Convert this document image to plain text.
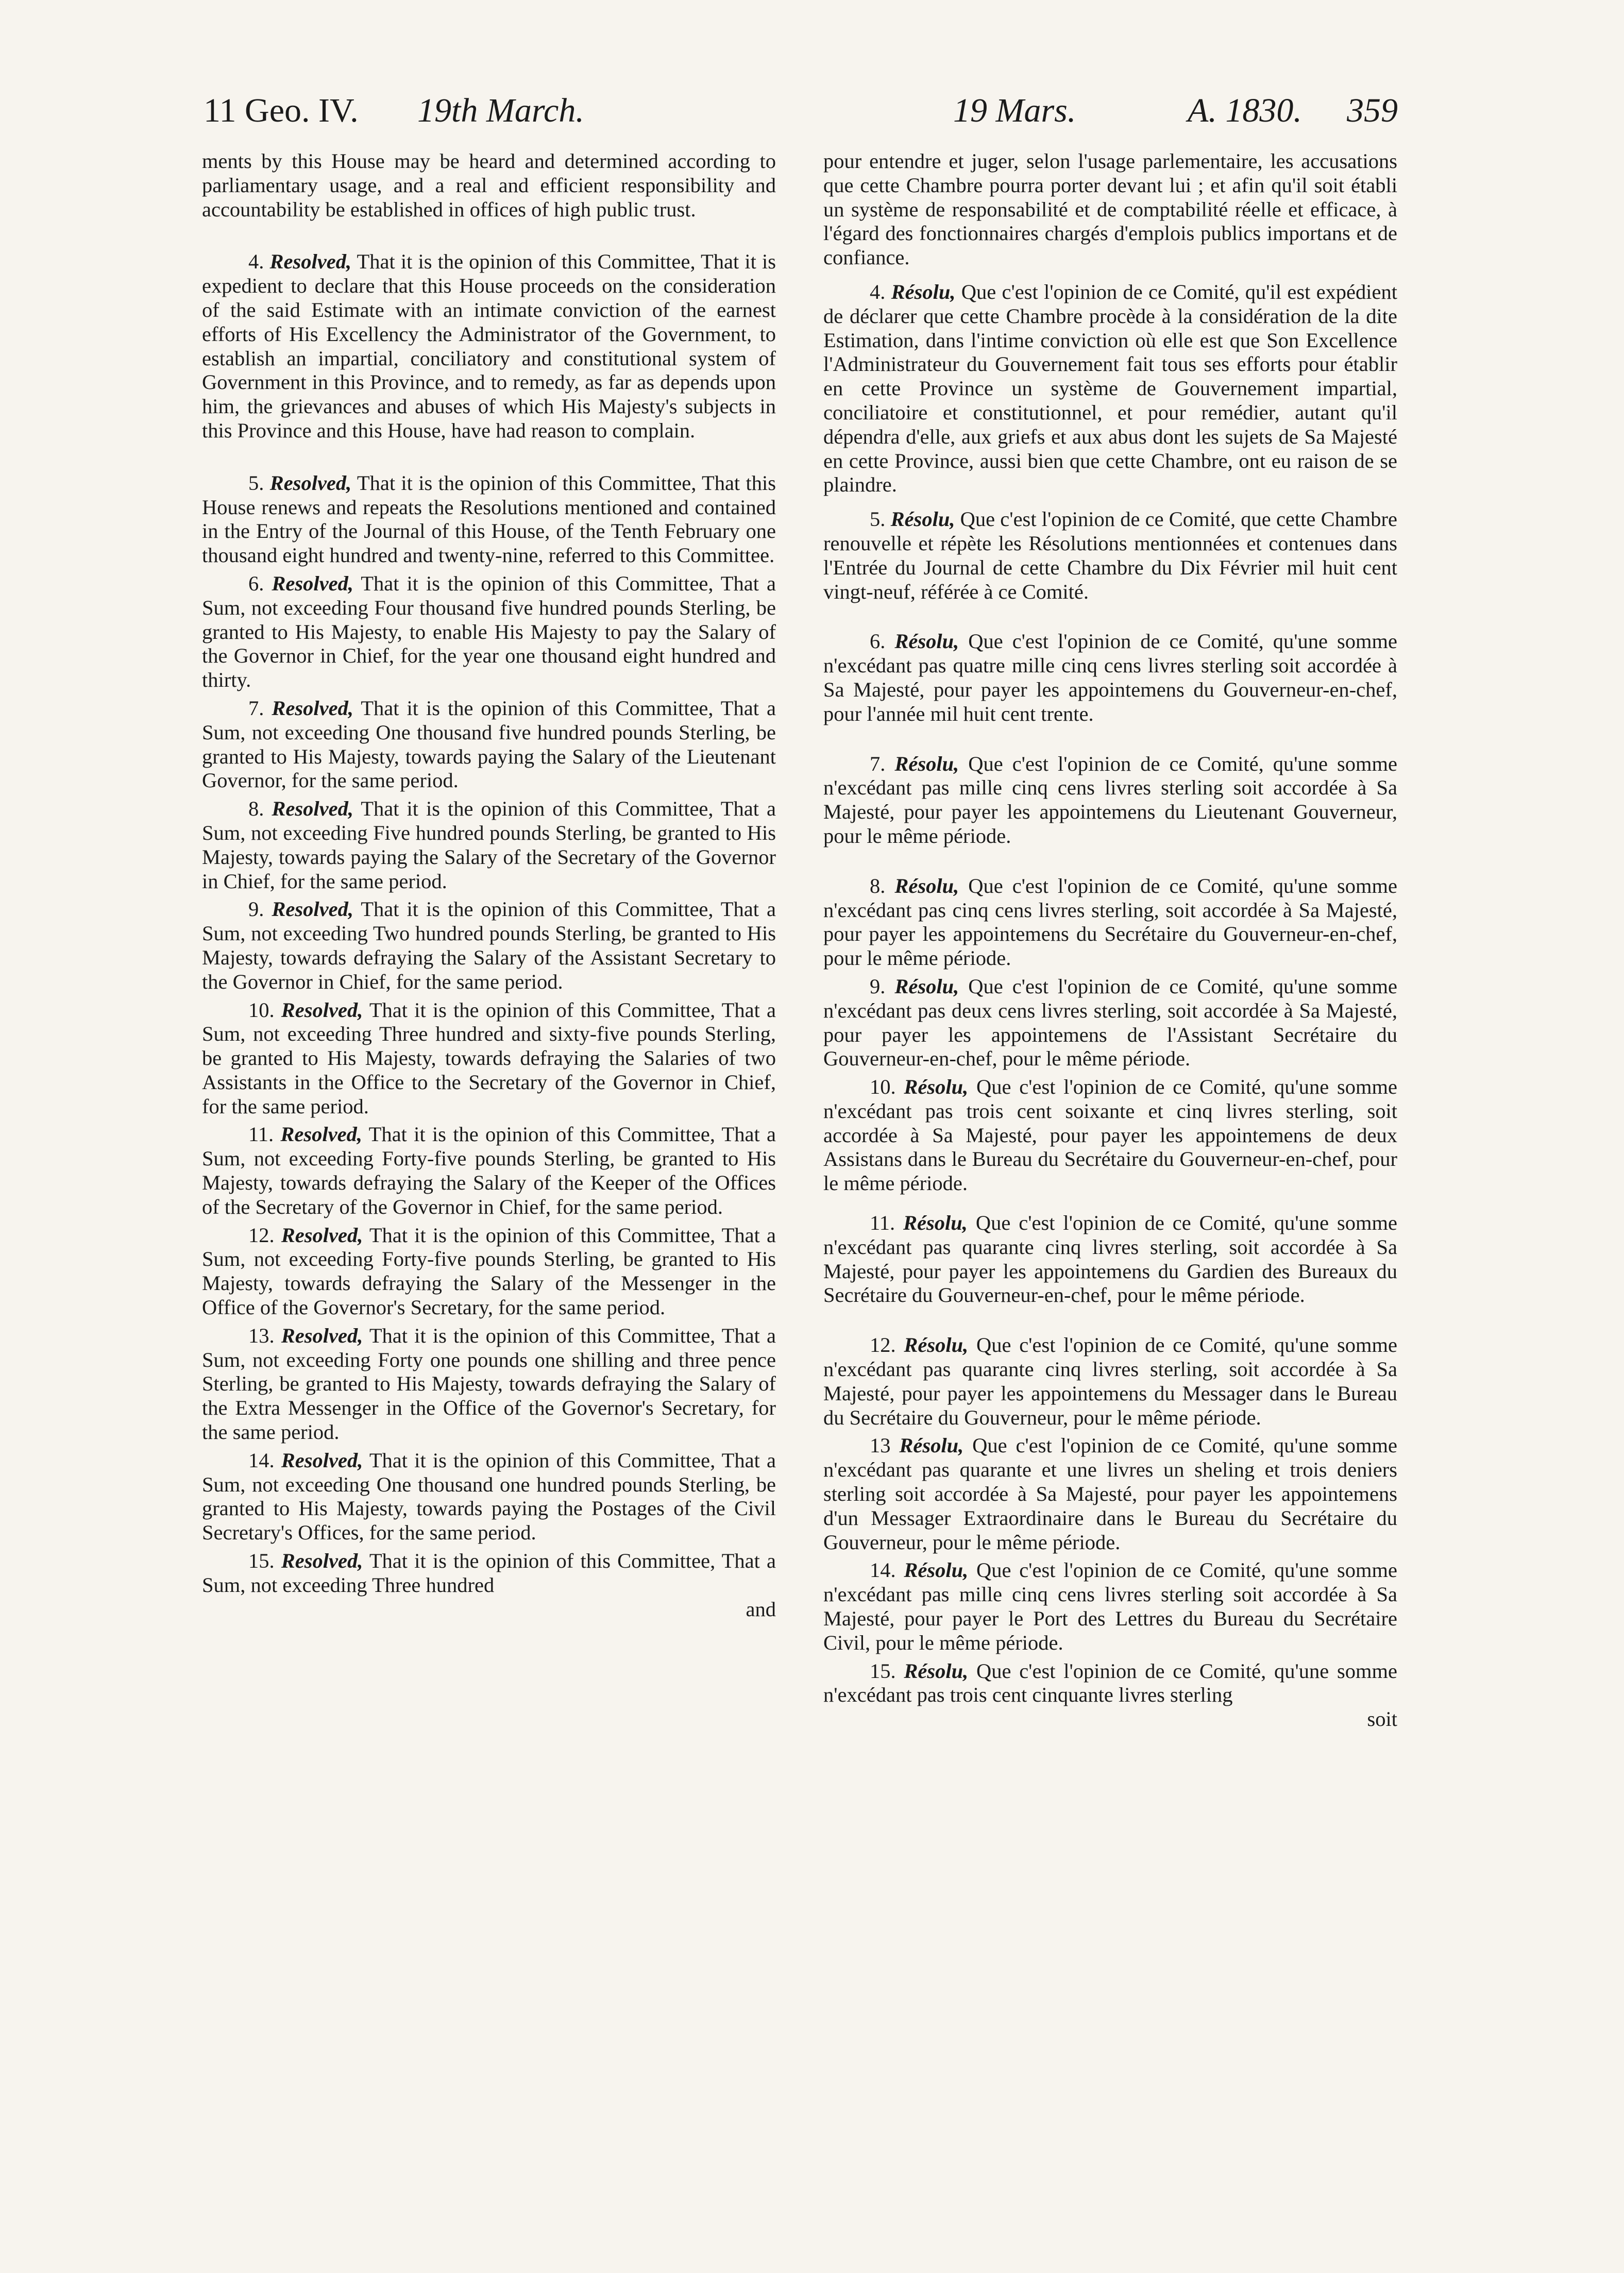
11 Geo. IV. 19th March.	19 Mars.	A. 1830. 359

ments by this House may be heard and determined according to parliamentary usage, and a real and efficient responsibility and accountability be established in offices of high public trust.

4. Resolved, That it is the opinion of this Committee, That it is expedient to declare that this House proceeds on the consideration of the said Estimate with an intimate conviction of the earnest efforts of His Excellency the Administrator of the Government, to establish an impartial, conciliatory and constitutional system of Government in this Province, and to remedy, as far as depends upon him, the grievances and abuses of which His Majesty's subjects in this Province and this House, have had reason to complain.

5. Resolved, That it is the opinion of this Committee, That this House renews and repeats the Resolutions mentioned and contained in the Entry of the Journal of this House, of the Tenth February one thousand eight hundred and twenty-nine, referred to this Committee.

6. Resolved, That it is the opinion of this Committee, That a Sum, not exceeding Four thousand five hundred pounds Sterling, be granted to His Majesty, to enable His Majesty to pay the Salary of the Governor in Chief, for the year one thousand eight hundred and thirty.

7. Resolved, That it is the opinion of this Committee, That a Sum, not exceeding One thousand five hundred pounds Sterling, be granted to His Majesty, towards paying the Salary of the Lieutenant Governor, for the same period.

8. Resolved, That it is the opinion of this Committee, That a Sum, not exceeding Five hundred pounds Sterling, be granted to His Majesty, towards paying the Salary of the Secretary of the Governor in Chief, for the same period.

9. Resolved, That it is the opinion of this Committee, That a Sum, not exceeding Two hundred pounds Sterling, be granted to His Majesty, towards defraying the Salary of the Assistant Secretary to the Governor in Chief, for the same period.

10. Resolved, That it is the opinion of this Committee, That a Sum, not exceeding Three hundred and sixty-five pounds Sterling, be granted to His Majesty, towards defraying the Salaries of two Assistants in the Office to the Secretary of the Governor in Chief, for the same period.

11. Resolved, That it is the opinion of this Committee, That a Sum, not exceeding Forty-five pounds Sterling, be granted to His Majesty, towards defraying the Salary of the Keeper of the Offices of the Secretary of the Governor in Chief, for the same period.

12. Resolved, That it is the opinion of this Committee, That a Sum, not exceeding Forty-five pounds Sterling, be granted to His Majesty, towards defraying the Salary of the Messenger in the Office of the Governor's Secretary, for the same period.

13. Resolved, That it is the opinion of this Committee, That a Sum, not exceeding Forty one pounds one shilling and three pence Sterling, be granted to His Majesty, towards defraying the Salary of the Extra Messenger in the Office of the Governor's Secretary, for the same period.

14. Resolved, That it is the opinion of this Committee, That a Sum, not exceeding One thousand one hundred pounds Sterling, be granted to His Majesty, towards paying the Postages of the Civil Secretary's Offices, for the same period.

15. Resolved, That it is the opinion of this Committee, That a Sum, not exceeding Three hundred

and

pour entendre et juger, selon l'usage parlementaire, les accusations que cette Chambre pourra porter devant lui ; et afin qu'il soit établi un système de responsabilité et de comptabilité réelle et efficace, à l'égard des fonctionnaires chargés d'emplois publics importans et de confiance.

4. Résolu, Que c'est l'opinion de ce Comité, qu'il est expédient de déclarer que cette Chambre procède à la considération de la dite Estimation, dans l'intime conviction où elle est que Son Excellence l'Administrateur du Gouvernement fait tous ses efforts pour établir en cette Province un système de Gouvernement impartial, conciliatoire et constitutionnel, et pour remédier, autant qu'il dépendra d'elle, aux griefs et aux abus dont les sujets de Sa Majesté en cette Province, aussi bien que cette Chambre, ont eu raison de se plaindre.

5. Résolu, Que c'est l'opinion de ce Comité, que cette Chambre renouvelle et répète les Résolutions mentionnées et contenues dans l'Entrée du Journal de cette Chambre du Dix Février mil huit cent vingt-neuf, référée à ce Comité.

6. Résolu, Que c'est l'opinion de ce Comité, qu'une somme n'excédant pas quatre mille cinq cens livres sterling soit accordée à Sa Majesté, pour payer les appointemens du Gouverneur-en-chef, pour l'année mil huit cent trente.

7. Résolu, Que c'est l'opinion de ce Comité, qu'une somme n'excédant pas mille cinq cens livres sterling soit accordée à Sa Majesté, pour payer les appointemens du Lieutenant Gouverneur, pour le même période.

8. Résolu, Que c'est l'opinion de ce Comité, qu'une somme n'excédant pas cinq cens livres sterling, soit accordée à Sa Majesté, pour payer les appointemens du Secrétaire du Gouverneur-en-chef, pour le même période.

9. Résolu, Que c'est l'opinion de ce Comité, qu'une somme n'excédant pas deux cens livres sterling, soit accordée à Sa Majesté, pour payer les appointemens de l'Assistant Secrétaire du Gouverneur-en-chef, pour le même période.

10. Résolu, Que c'est l'opinion de ce Comité, qu'une somme n'excédant pas trois cent soixante et cinq livres sterling, soit accordée à Sa Majesté, pour payer les appointemens de deux Assistans dans le Bureau du Secrétaire du Gouverneur-en-chef, pour le même période.

11. Résolu, Que c'est l'opinion de ce Comité, qu'une somme n'excédant pas quarante cinq livres sterling, soit accordée à Sa Majesté, pour payer les appointemens du Gardien des Bureaux du Secrétaire du Gouverneur-en-chef, pour le même période.

12. Résolu, Que c'est l'opinion de ce Comité, qu'une somme n'excédant pas quarante cinq livres sterling, soit accordée à Sa Majesté, pour payer les appointemens du Messager dans le Bureau du Secrétaire du Gouverneur, pour le même période.

13 Résolu, Que c'est l'opinion de ce Comité, qu'une somme n'excédant pas quarante et une livres un sheling et trois deniers sterling soit accordée à Sa Majesté, pour payer les appointemens d'un Messager Extraordinaire dans le Bureau du Secrétaire du Gouverneur, pour le même période.

14. Résolu, Que c'est l'opinion de ce Comité, qu'une somme n'excédant pas mille cinq cens livres sterling soit accordée à Sa Majesté, pour payer le Port des Lettres du Bureau du Secrétaire Civil, pour le même période.

15. Résolu, Que c'est l'opinion de ce Comité, qu'une somme n'excédant pas trois cent cinquante livres sterling

soit
